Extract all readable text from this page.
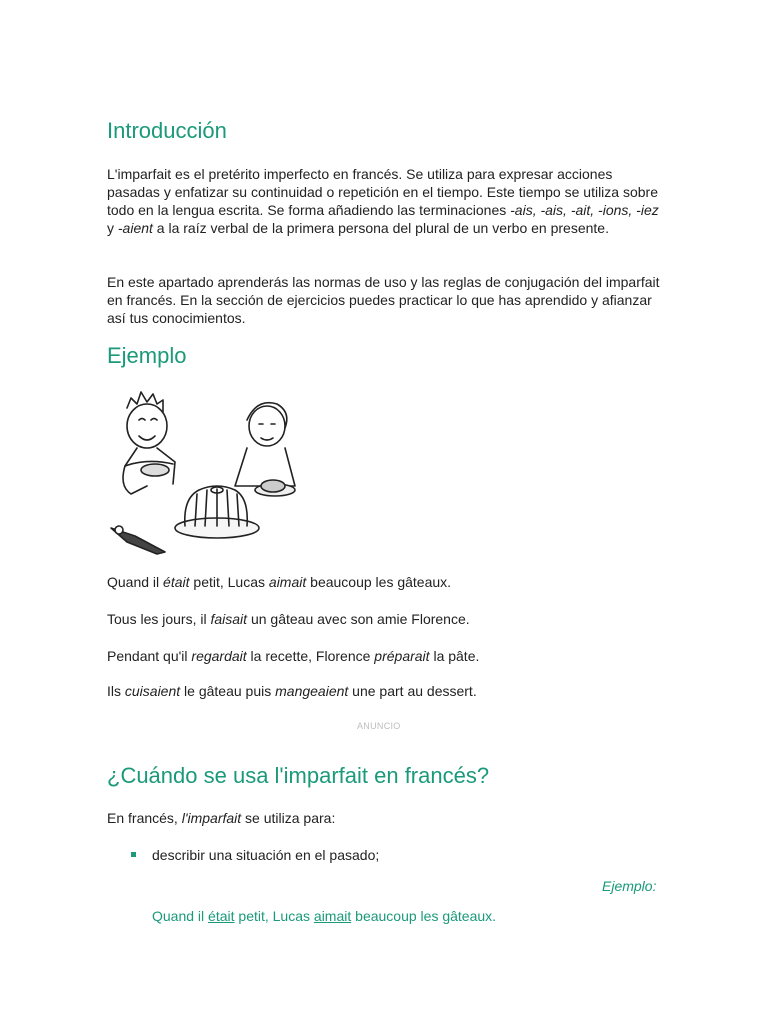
Introducción

L'imparfait es el pretérito imperfecto en francés. Se utiliza para expresar acciones pasadas y enfatizar su continuidad o repetición en el tiempo. Este tiempo se utiliza sobre todo en la lengua escrita. Se forma añadiendo las terminaciones -ais, -ais, -ait, -ions, -iez y -aient a la raíz verbal de la primera persona del plural de un verbo en presente.

En este apartado aprenderás las normas de uso y las reglas de conjugación del imparfait en francés. En la sección de ejercicios puedes practicar lo que has aprendido y afianzar así tus conocimientos.

Ejemplo
Quand il était petit, Lucas aimait beaucoup les gâteaux.
Tous les jours, il faisait un gâteau avec son amie Florence.
Pendant qu'il regardait la recette, Florence préparait la pâte.
Ils cuisaient le gâteau puis mangeaient une part au dessert.
ANUNCIO
¿Cuándo se usa l'imparfait en francés?

En francés, l'imparfait se utiliza para:

describir una situación en el pasado;
Ejemplo:
Quand il était petit, Lucas aimait beaucoup les gâteaux.
